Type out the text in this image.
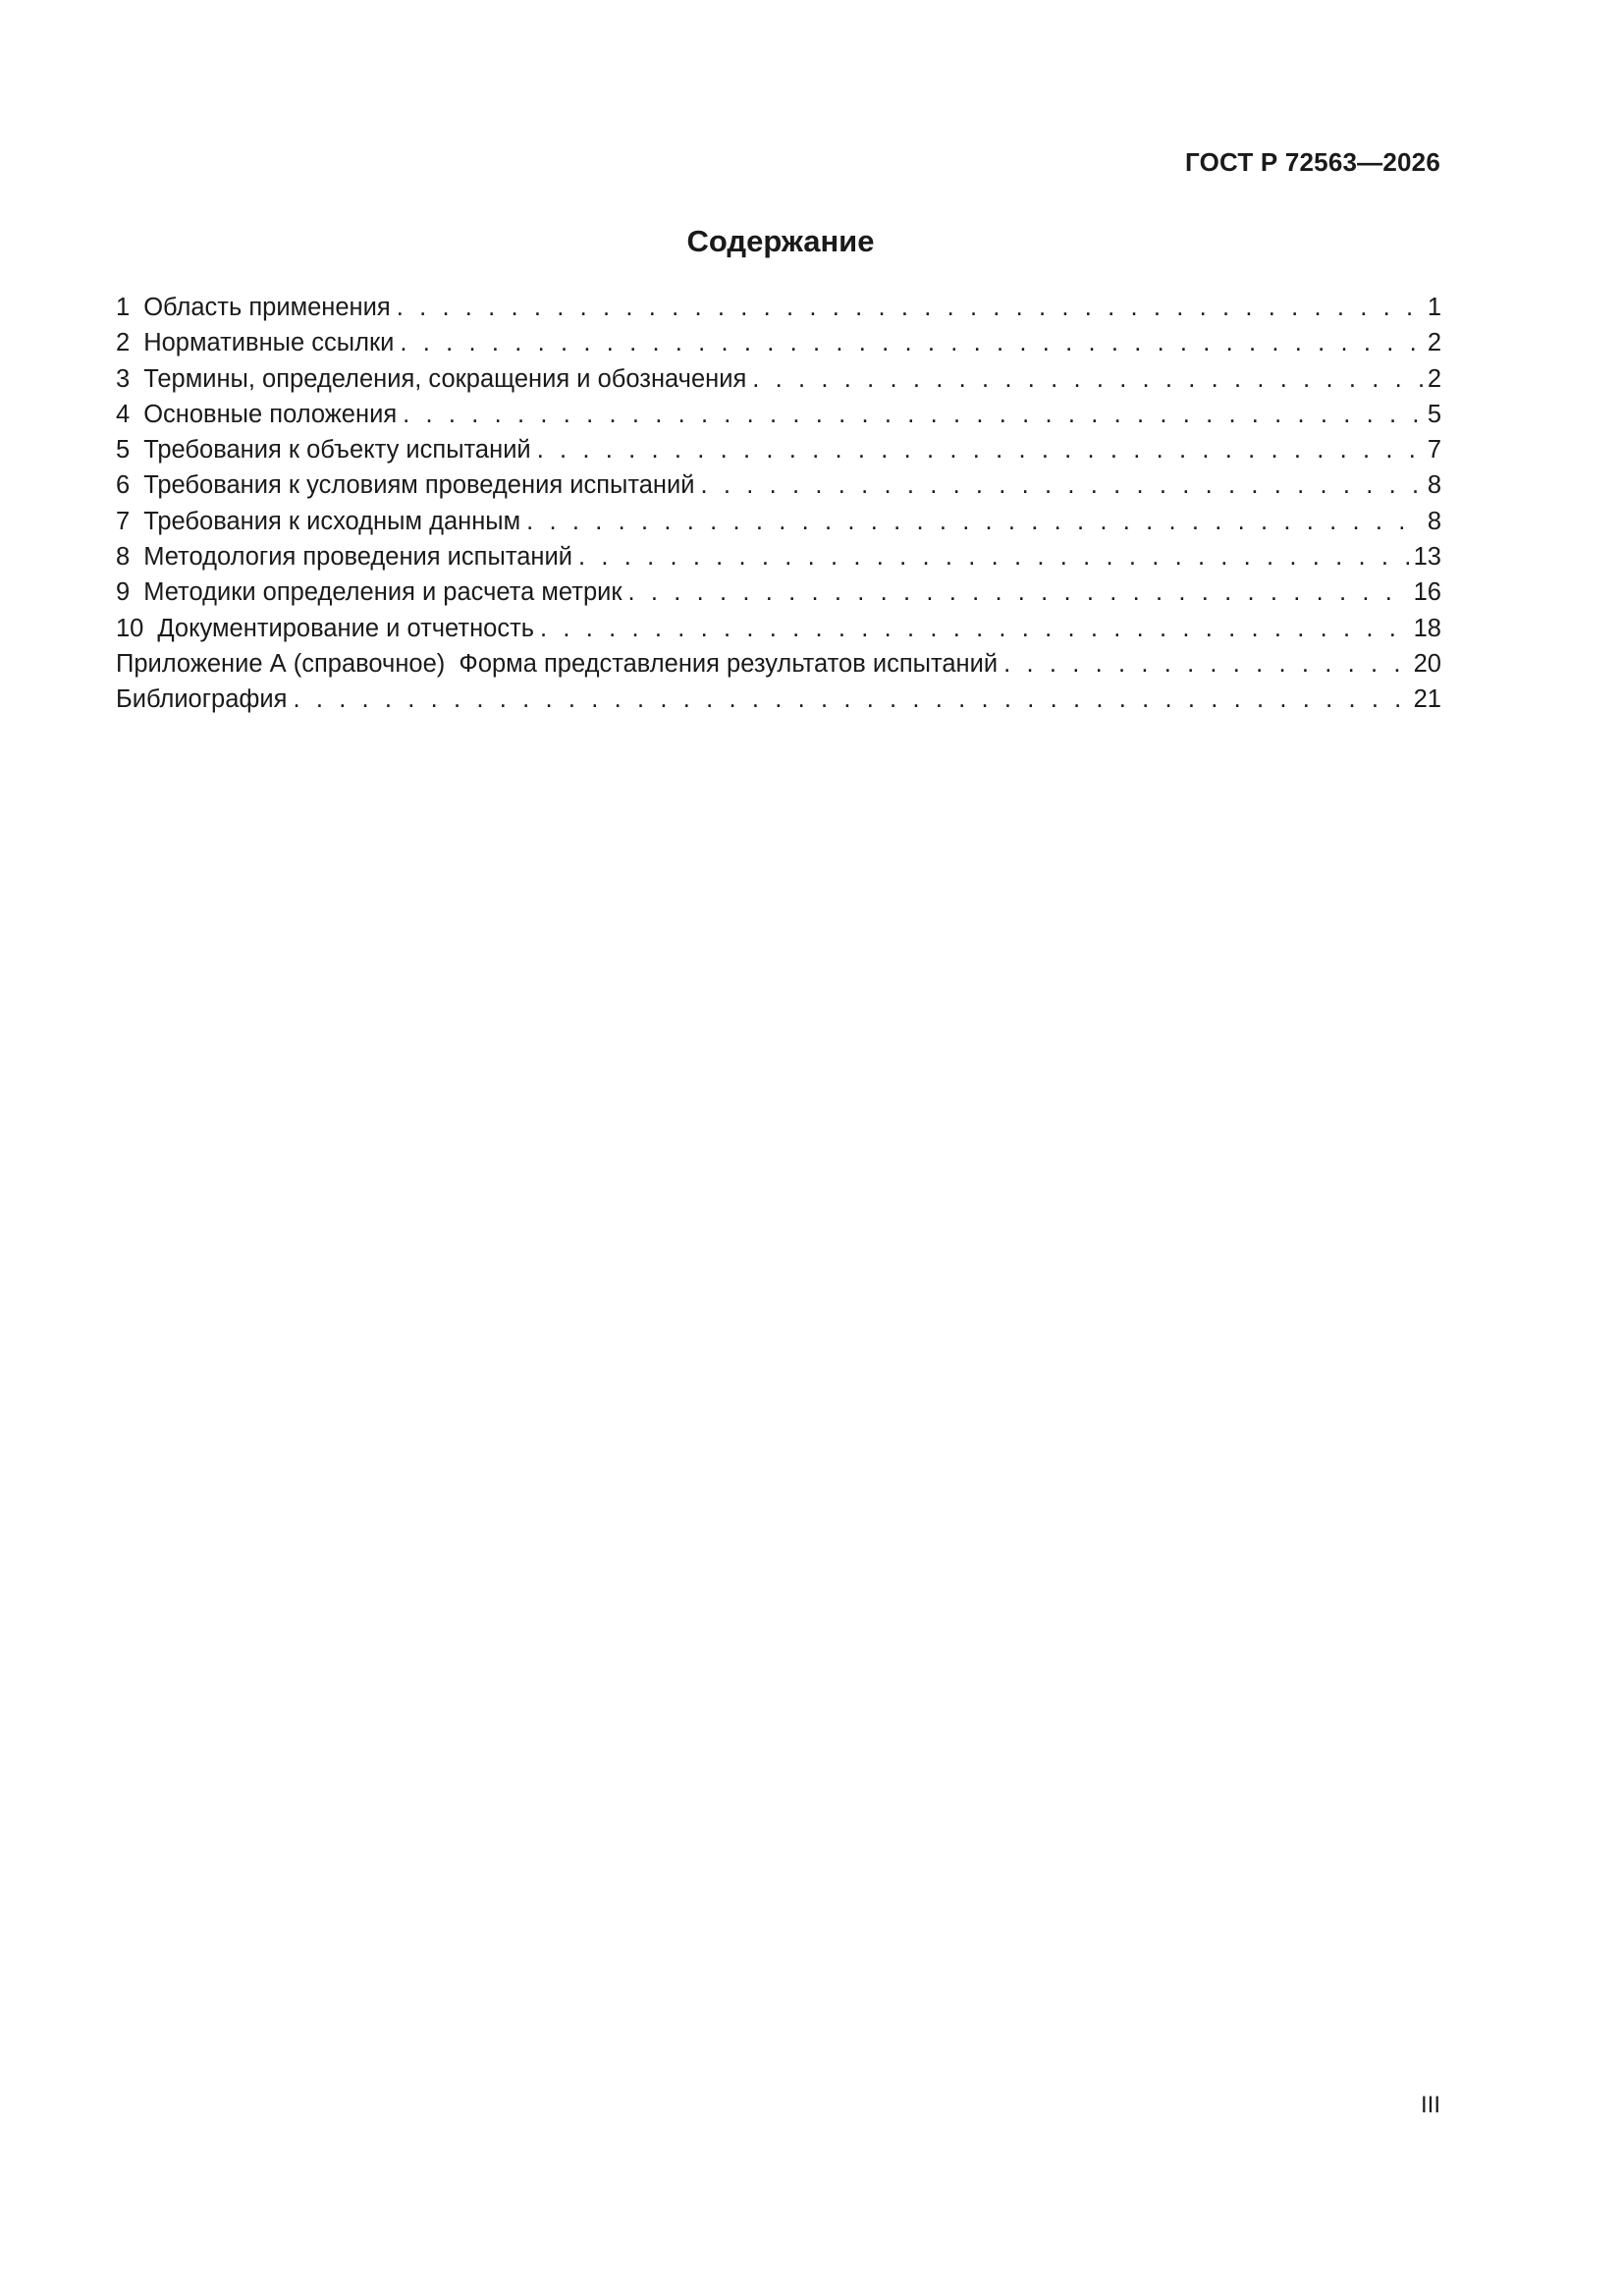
ГОСТ Р 72563—2026
Содержание
1 Область применения . . .	1
2 Нормативные ссылки . . .	2
3 Термины, определения, сокращения и обозначения . . .	2
4 Основные положения . . .	5
5 Требования к объекту испытаний . . .	7
6 Требования к условиям проведения испытаний . . .	8
7 Требования к исходным данным . . .	8
8 Методология проведения испытаний . . .	13
9 Методики определения и расчета метрик . . .	16
10 Документирование и отчетность . . .	18
Приложение А (справочное)  Форма представления результатов испытаний . . .	20
Библиография . . .	21
III
